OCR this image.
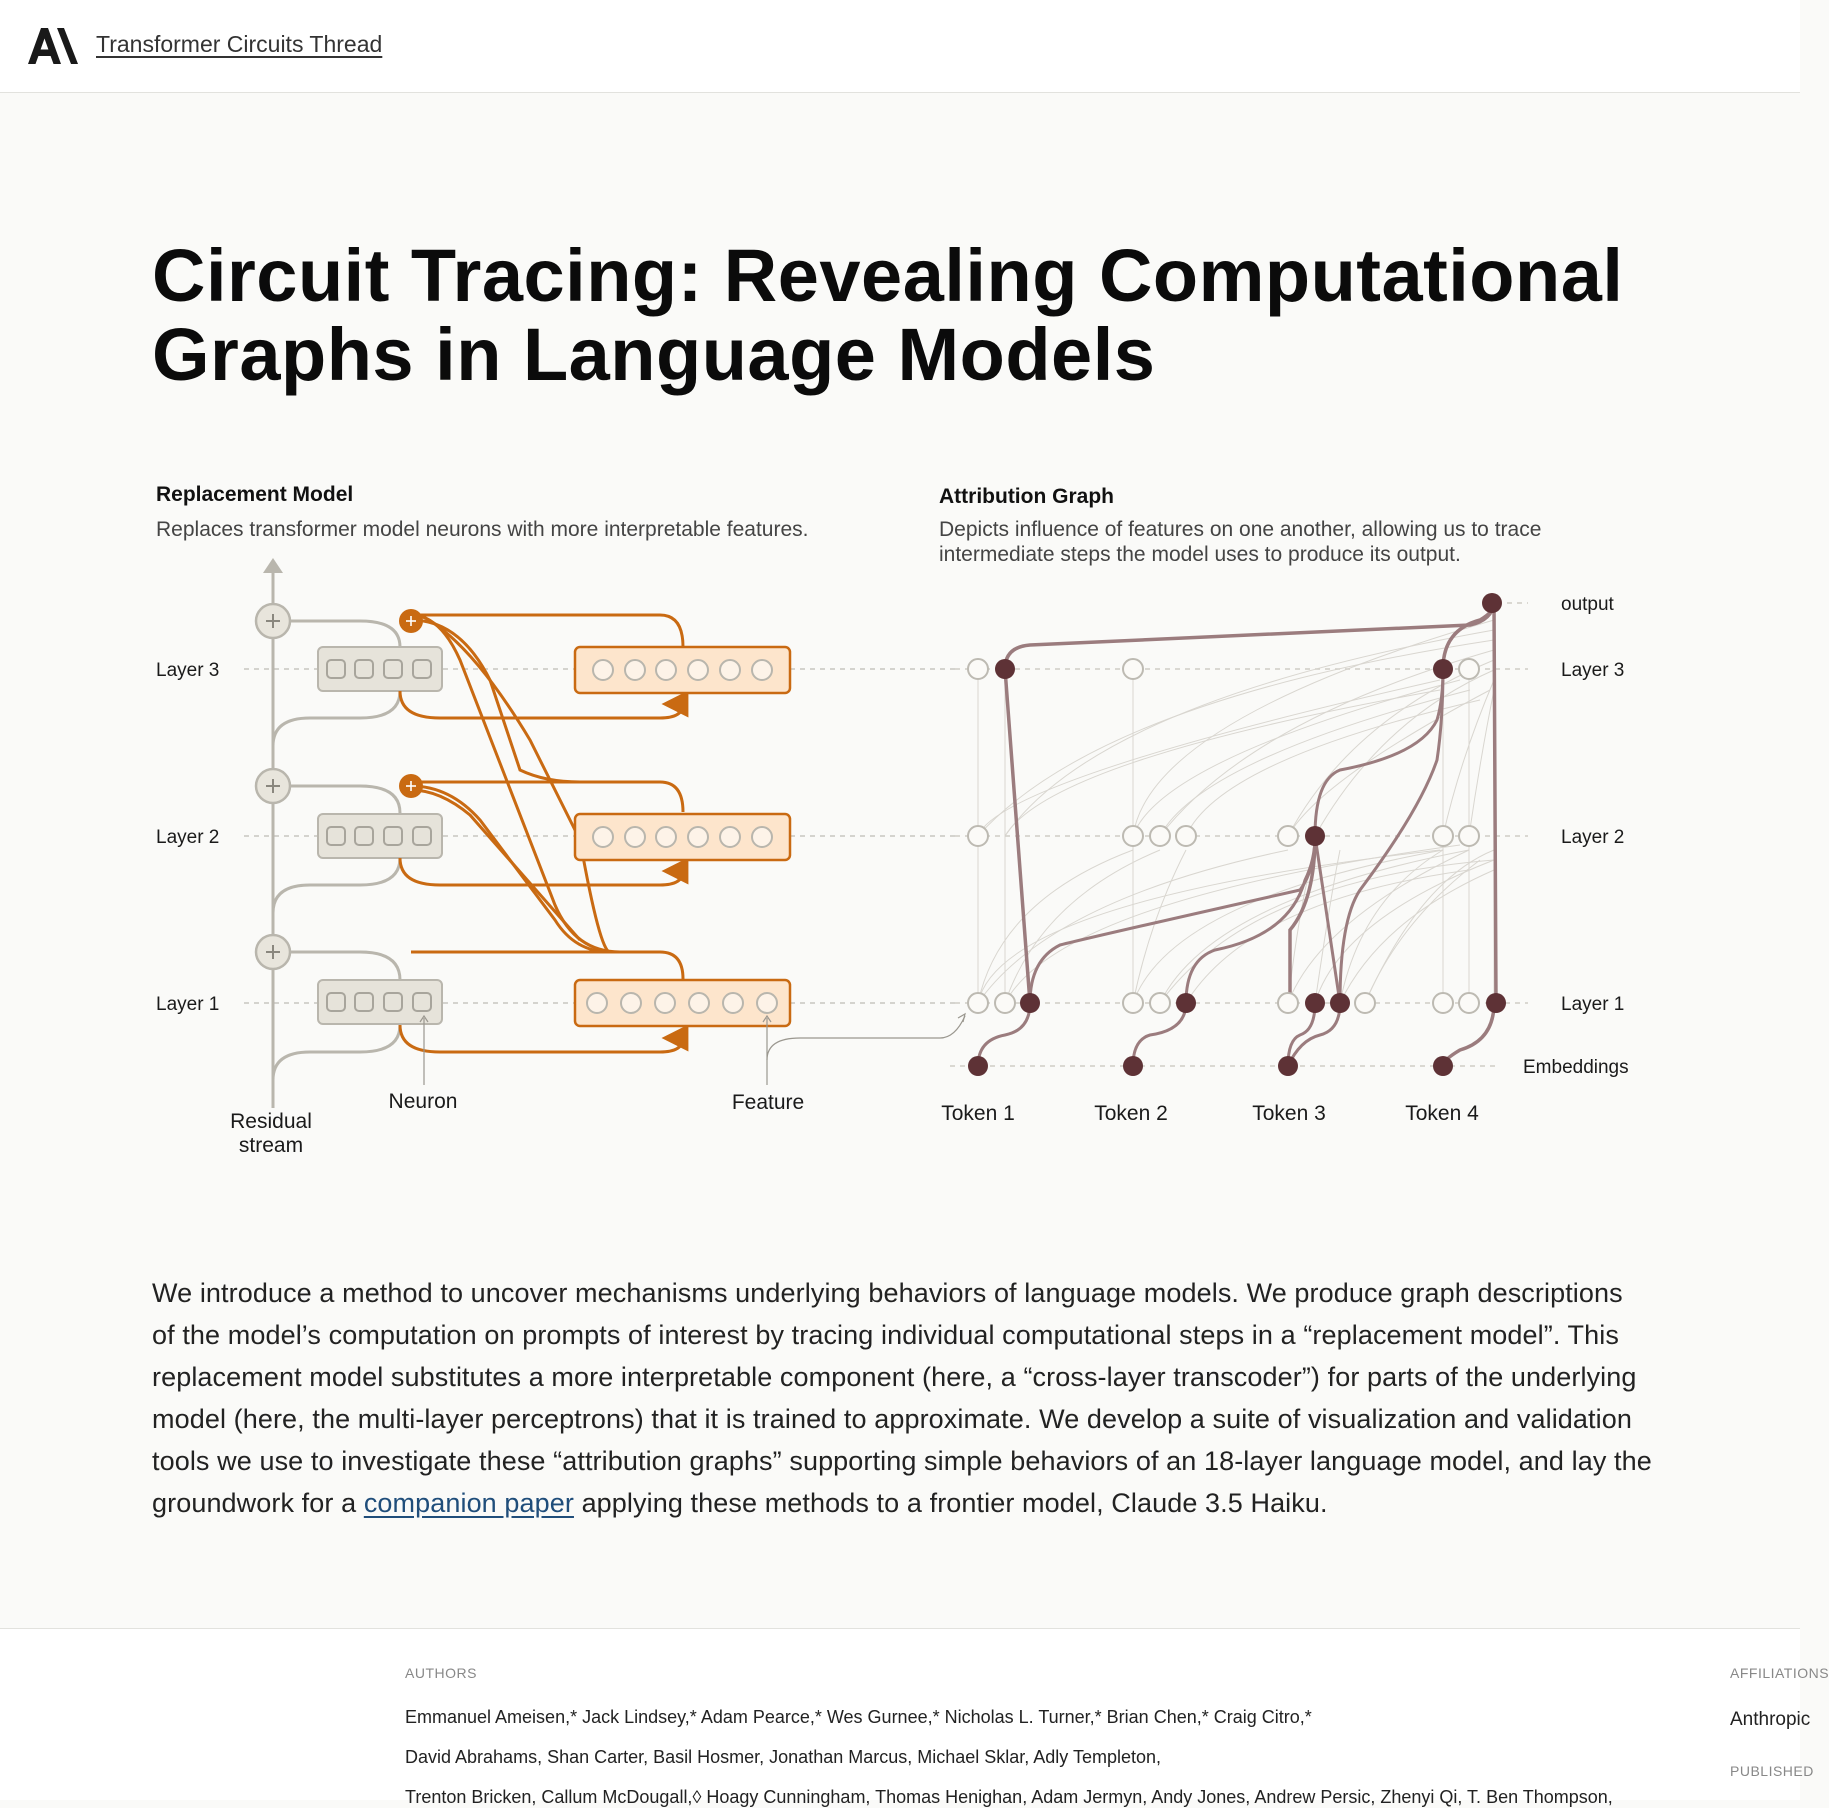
Transformer Circuits Thread
Circuit Tracing: Revealing Computational Graphs in Language Models
Replacement Model
Replaces transformer model neurons with more interpretable features.
Attribution Graph
Depicts influence of features on one another, allowing us to trace
intermediate steps the model uses to produce its output.
Layer 3
Layer 2
Layer 1
Neuron	Feature
Residual
stream
output
Layer 3
Layer 2
Layer 1
Embeddings
Token 1	Token 2	Token 3	Token 4

We introduce a method to uncover mechanisms underlying behaviors of language models. We produce graph descriptions of the model’s computation on prompts of interest by tracing individual computational steps in a “replacement model”. This replacement model substitutes a more interpretable component (here, a “cross-layer transcoder”) for parts of the underlying model (here, the multi-layer perceptrons) that it is trained to approximate. We develop a suite of visualization and validation tools we use to investigate these “attribution graphs” supporting simple behaviors of an 18-layer language model, and lay the groundwork for a companion paper applying these methods to a frontier model, Claude 3.5 Haiku.

AUTHORS
Emmanuel Ameisen,* Jack Lindsey,* Adam Pearce,* Wes Gurnee,* Nicholas L. Turner,* Brian Chen,* Craig Citro,*
David Abrahams, Shan Carter, Basil Hosmer, Jonathan Marcus, Michael Sklar, Adly Templeton,
Trenton Bricken, Callum McDougall,◊ Hoagy Cunningham, Thomas Henighan, Adam Jermyn, Andy Jones, Andrew Persic, Zhenyi Qi, T. Ben Thompson,
AFFILIATIONS
Anthropic
PUBLISHED
